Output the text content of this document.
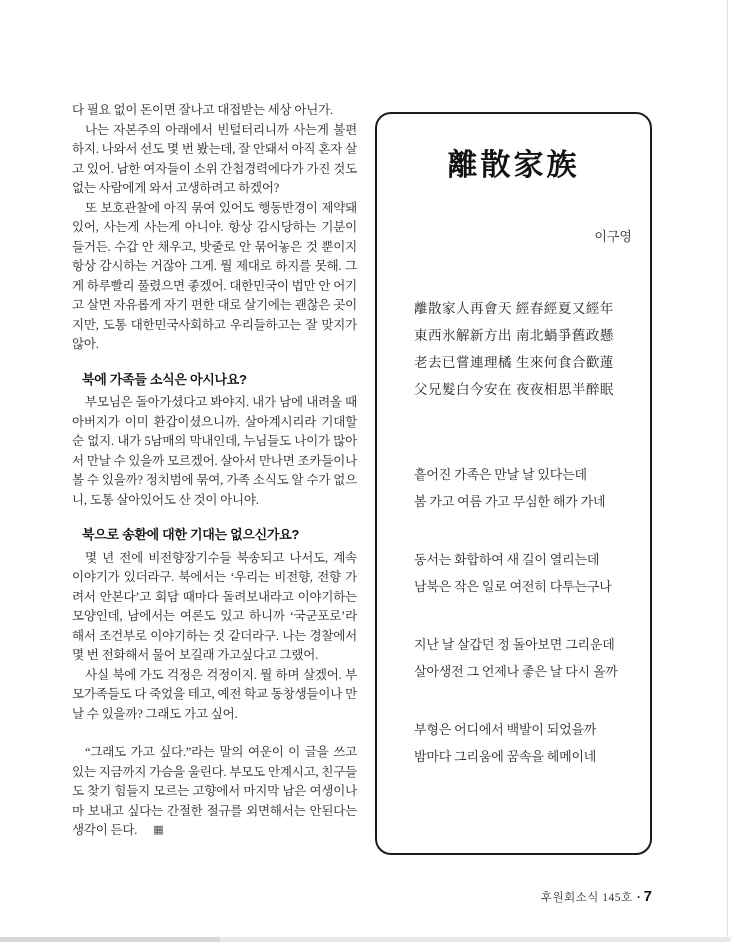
다 필요 없이 돈이면 잘나고 대접받는 세상 아닌가.

나는 자본주의 아래에서 빈털터리니까 사는게 불편하지. 나와서 선도 몇 번 봤는데, 잘 안돼서 아직 혼자 살고 있어. 남한 여자들이 소위 간첩경력에다가 가진 것도 없는 사람에게 와서 고생하려고 하겠어?

또 보호관찰에 아직 묶여 있어도 행동반경이 제약돼 있어, 사는게 사는게 아니야. 항상 감시당하는 기분이 들거든. 수갑 안 채우고, 밧줄로 안 묶어놓은 것 뿐이지 항상 감시하는 거잖아 그게. 뭘 제대로 하지를 못해. 그게 하루빨리 풀렸으면 좋겠어. 대한민국이 법만 안 어기고 살면 자유롭게 자기 편한 대로 살기에는 괜찮은 곳이지만, 도통 대한민국사회하고 우리들하고는 잘 맞지가 않아.

북에 가족들 소식은 아시나요?

부모님은 돌아가셨다고 봐야지. 내가 남에 내려올 때 아버지가 이미 환갑이셨으니까. 살아계시리라 기대할 순 없지. 내가 5남매의 막내인데, 누님들도 나이가 많아서 만날 수 있을까 모르겠어. 살아서 만나면 조카들이나 볼 수 있을까? 정치범에 묶여, 가족 소식도 알 수가 없으니, 도통 살아있어도 산 것이 아니야.

북으로 송환에 대한 기대는 없으신가요?

몇 년 전에 비전향장기수들 북송되고 나서도, 계속 이야기가 있더라구. 북에서는 ‘우리는 비전향, 전향 가려서 안본다’고 회담 때마다 돌려보내라고 이야기하는 모양인데, 남에서는 여론도 있고 하니까 ‘국군포로’라 해서 조건부로 이야기하는 것 같더라구. 나는 경찰에서 몇 번 전화해서 물어 보길래 가고싶다고 그랬어.

사실 북에 가도 걱정은 걱정이지. 뭘 하며 살겠어. 부모가족들도 다 죽었을 테고, 예전 학교 동창생들이나 만날 수 있을까? 그래도 가고 싶어.

“그래도 가고 싶다.”라는 말의 여운이 이 글을 쓰고 있는 지금까지 가슴을 울린다. 부모도 안계시고, 친구들도 찾기 힘들지 모르는 고향에서 마지막 남은 여생이나마 보내고 싶다는 간절한 절규를 외면해서는 안된다는 생각이 든다. ▦

離散家族
이구영
離散家人再會天 經春經夏又經年
東西氷解新方出 南北蝸爭舊政懸
老去已嘗連理橘 生來何食合歡蓮
父兄髮白今安在 夜夜相思半醉眠
흩어진 가족은 만날 날 있다는데
봄 가고 여름 가고 무심한 해가 가네
동서는 화합하여 새 길이 열리는데
남북은 작은 일로 여전히 다투는구나
지난 날 살갑던 정 돌아보면 그리운데
살아생전 그 언제나 좋은 날 다시 올까
부형은 어디에서 백발이 되었을까
밤마다 그리움에 꿈속을 헤메이네
후원회소식 145호 · 7
